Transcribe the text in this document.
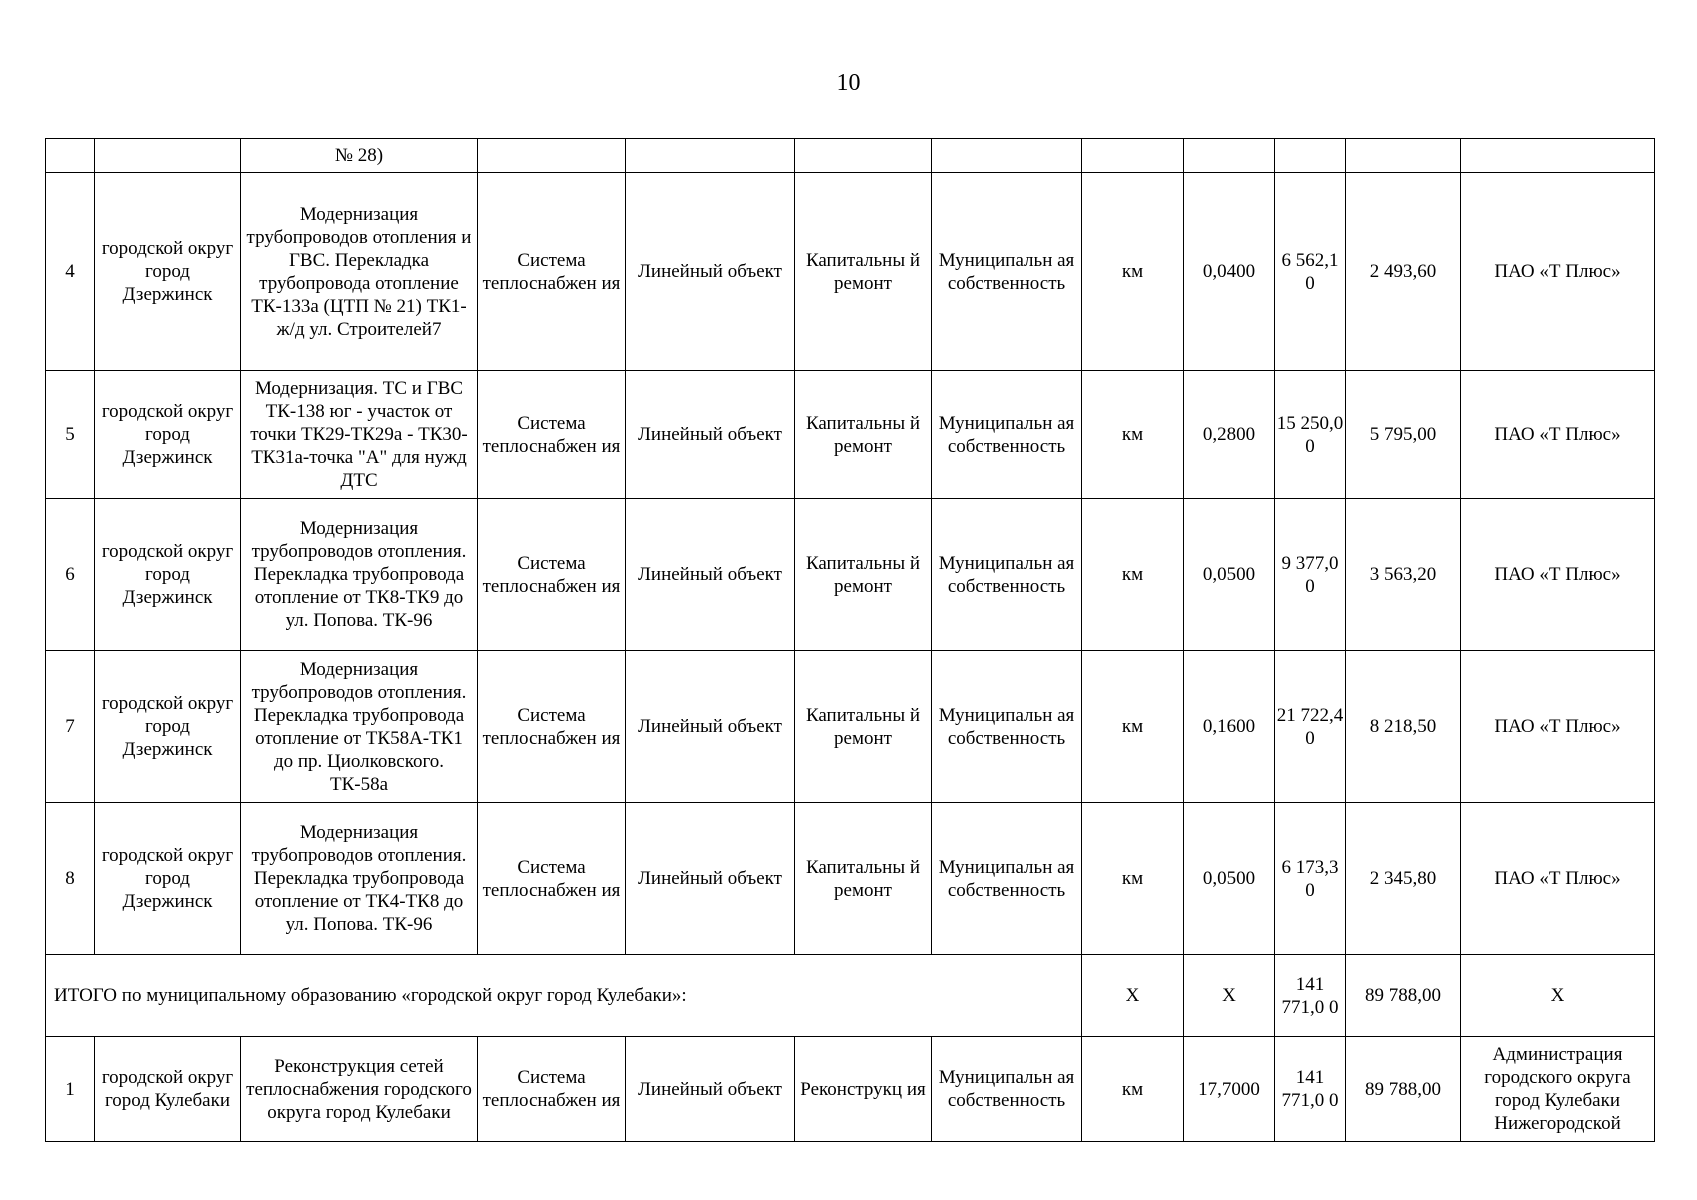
10
		№ 28)									
4	городской округ город Дзержинск	Модернизация трубопроводов отопления и ГВС. Перекладка трубопровода отопление ТК-133а (ЦТП № 21) ТК1-ж/д ул. Строителей7	Система теплоснабжен ия	Линейный объект	Капитальны й ремонт	Муниципальн ая собственность	км	0,0400	6 562,1 0	2 493,60	ПАО «Т Плюс»
5	городской округ город Дзержинск	Модернизация. ТС и ГВС ТК-138 юг - участок от точки ТК29-ТК29а - ТК30-ТК31а-точка "А" для нужд ДТС	Система теплоснабжен ия	Линейный объект	Капитальны й ремонт	Муниципальн ая собственность	км	0,2800	15 250,0 0	5 795,00	ПАО «Т Плюс»
6	городской округ город Дзержинск	Модернизация трубопроводов отопления. Перекладка трубопровода отопление от ТК8-ТК9 до ул. Попова. ТК-96	Система теплоснабжен ия	Линейный объект	Капитальны й ремонт	Муниципальн ая собственность	км	0,0500	9 377,0 0	3 563,20	ПАО «Т Плюс»
7	городской округ город Дзержинск	Модернизация трубопроводов отопления. Перекладка трубопровода отопление от ТК58А-ТК1 до пр. Циолковского. ТК-58а	Система теплоснабжен ия	Линейный объект	Капитальны й ремонт	Муниципальн ая собственность	км	0,1600	21 722,4 0	8 218,50	ПАО «Т Плюс»
8	городской округ город Дзержинск	Модернизация трубопроводов отопления. Перекладка трубопровода отопление от ТК4-ТК8 до ул. Попова. ТК-96	Система теплоснабжен ия	Линейный объект	Капитальны й ремонт	Муниципальн ая собственность	км	0,0500	6 173,3 0	2 345,80	ПАО «Т Плюс»
ИТОГО по муниципальному образованию «городской округ город Кулебаки»:							Х	Х	141 771,0 0	89 788,00	Х
1	городской округ город Кулебаки	Реконструкция сетей теплоснабжения городского округа город Кулебаки	Система теплоснабжен ия	Линейный объект	Реконструкц ия	Муниципальн ая собственность	км	17,7000	141 771,0 0	89 788,00	Администрация городского округа город Кулебаки Нижегородской
